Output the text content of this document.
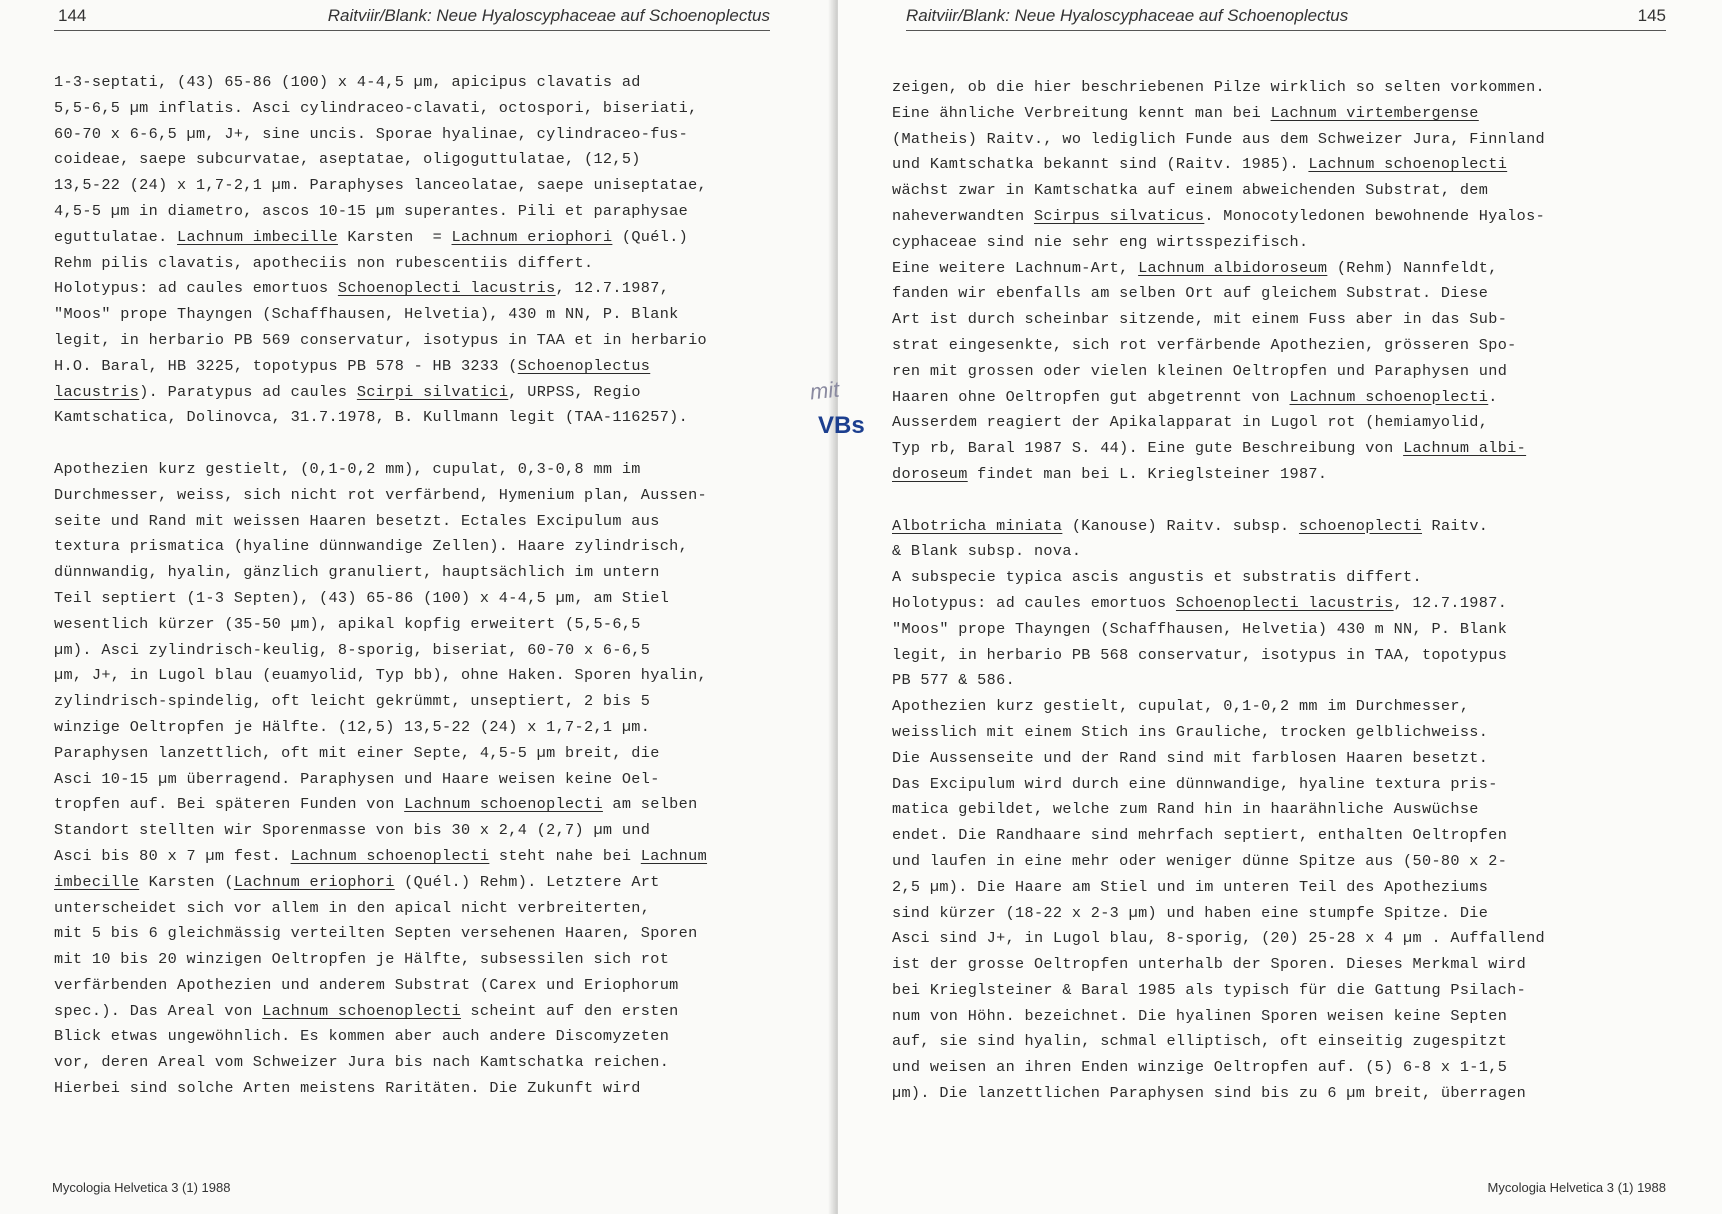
144	Raitviir/Blank: Neue Hyaloscyphaceae auf Schoenoplectus
1-3-septati, (43) 65-86 (100) x 4-4,5 µm, apicipus clavatis ad
5,5-6,5 µm inflatis. Asci cylindraceo-clavati, octospori, biseriati,
60-70 x 6-6,5 µm, J+, sine uncis. Sporae hyalinae, cylindraceo-fus-
coideae, saepe subcurvatae, aseptatae, oligoguttulatae, (12,5)
13,5-22 (24) x 1,7-2,1 µm. Paraphyses lanceolatae, saepe uniseptatae,
4,5-5 µm in diametro, ascos 10-15 µm superantes. Pili et paraphysae
eguttulatae. Lachnum imbecille Karsten  = Lachnum eriophori (Quél.)
Rehm pilis clavatis, apotheciis non rubescentiis differt.
Holotypus: ad caules emortuos Schoenoplecti lacustris, 12.7.1987,
"Moos" prope Thayngen (Schaffhausen, Helvetia), 430 m NN, P. Blank
legit, in herbario PB 569 conservatur, isotypus in TAA et in herbario
H.O. Baral, HB 3225, topotypus PB 578 - HB 3233 (Schoenoplectus
lacustris). Paratypus ad caules Scirpi silvatici, URPSS, Regio
Kamtschatica, Dolinovca, 31.7.1978, B. Kullmann legit (TAA-116257).
Apothezien kurz gestielt, (0,1-0,2 mm), cupulat, 0,3-0,8 mm im
Durchmesser, weiss, sich nicht rot verfärbend, Hymenium plan, Aussen-
seite und Rand mit weissen Haaren besetzt. Ectales Excipulum aus
textura prismatica (hyaline dünnwandige Zellen). Haare zylindrisch,
dünnwandig, hyalin, gänzlich granuliert, hauptsächlich im untern
Teil septiert (1-3 Septen), (43) 65-86 (100) x 4-4,5 µm, am Stiel
wesentlich kürzer (35-50 µm), apikal kopfig erweitert (5,5-6,5
µm). Asci zylindrisch-keulig, 8-sporig, biseriat, 60-70 x 6-6,5
µm, J+, in Lugol blau (euamyolid, Typ bb), ohne Haken. Sporen hyalin,
zylindrisch-spindelig, oft leicht gekrümmt, unseptiert, 2 bis 5
winzige Oeltropfen je Hälfte. (12,5) 13,5-22 (24) x 1,7-2,1 µm.
Paraphysen lanzettlich, oft mit einer Septe, 4,5-5 µm breit, die
Asci 10-15 µm überragend. Paraphysen und Haare weisen keine Oel-
tropfen auf. Bei späteren Funden von Lachnum schoenoplecti am selben
Standort stellten wir Sporenmasse von bis 30 x 2,4 (2,7) µm und
Asci bis 80 x 7 µm fest. Lachnum schoenoplecti steht nahe bei Lachnum
imbecille Karsten (Lachnum eriophori (Quél.) Rehm). Letztere Art
unterscheidet sich vor allem in den apical nicht verbreiterten,
mit 5 bis 6 gleichmässig verteilten Septen versehenen Haaren, Sporen
mit 10 bis 20 winzigen Oeltropfen je Hälfte, subsessilen sich rot
verfärbenden Apothezien und anderem Substrat (Carex und Eriophorum
spec.). Das Areal von Lachnum schoenoplecti scheint auf den ersten
Blick etwas ungewöhnlich. Es kommen aber auch andere Discomyzeten
vor, deren Areal vom Schweizer Jura bis nach Kamtschatka reichen.
Hierbei sind solche Arten meistens Raritäten. Die Zukunft wird
Mycologia Helvetica 3 (1) 1988
Raitviir/Blank: Neue Hyaloscyphaceae auf Schoenoplectus	145
zeigen, ob die hier beschriebenen Pilze wirklich so selten vorkommen.
Eine ähnliche Verbreitung kennt man bei Lachnum virtembergense
(Matheis) Raitv., wo lediglich Funde aus dem Schweizer Jura, Finnland
und Kamtschatka bekannt sind (Raitv. 1985). Lachnum schoenoplecti
wächst zwar in Kamtschatka auf einem abweichenden Substrat, dem
naheverwandten Scirpus silvaticus. Monocotyledonen bewohnende Hyalos-
cyphaceae sind nie sehr eng wirtsspezifisch.
Eine weitere Lachnum-Art, Lachnum albidoroseum (Rehm) Nannfeldt,
fanden wir ebenfalls am selben Ort auf gleichem Substrat. Diese
Art ist durch scheinbar sitzende, mit einem Fuss aber in das Sub-
strat eingesenkte, sich rot verfärbende Apothezien, grösseren Spo-
ren mit grossen oder vielen kleinen Oeltropfen und Paraphysen und
Haaren ohne Oeltropfen gut abgetrennt von Lachnum schoenoplecti.
Ausserdem reagiert der Apikalapparat in Lugol rot (hemiamyolid,
Typ rb, Baral 1987 S. 44). Eine gute Beschreibung von Lachnum albi-
doroseum findet man bei L. Krieglsteiner 1987.
Albotricha miniata (Kanouse) Raitv. subsp. schoenoplecti Raitv.
& Blank subsp. nova.
A subspecie typica ascis angustis et substratis differt.
Holotypus: ad caules emortuos Schoenoplecti lacustris, 12.7.1987.
"Moos" prope Thayngen (Schaffhausen, Helvetia) 430 m NN, P. Blank
legit, in herbario PB 568 conservatur, isotypus in TAA, topotypus
PB 577 & 586.
Apothezien kurz gestielt, cupulat, 0,1-0,2 mm im Durchmesser,
weisslich mit einem Stich ins Grauliche, trocken gelblichweiss.
Die Aussenseite und der Rand sind mit farblosen Haaren besetzt.
Das Excipulum wird durch eine dünnwandige, hyaline textura pris-
matica gebildet, welche zum Rand hin in haarähnliche Auswüchse
endet. Die Randhaare sind mehrfach septiert, enthalten Oeltropfen
und laufen in eine mehr oder weniger dünne Spitze aus (50-80 x 2-
2,5 µm). Die Haare am Stiel und im unteren Teil des Apotheziums
sind kürzer (18-22 x 2-3 µm) und haben eine stumpfe Spitze. Die
Asci sind J+, in Lugol blau, 8-sporig, (20) 25-28 x 4 µm . Auffallend
ist der grosse Oeltropfen unterhalb der Sporen. Dieses Merkmal wird
bei Krieglsteiner & Baral 1985 als typisch für die Gattung Psilach-
num von Höhn. bezeichnet. Die hyalinen Sporen weisen keine Septen
auf, sie sind hyalin, schmal elliptisch, oft einseitig zugespitzt
und weisen an ihren Enden winzige Oeltropfen auf. (5) 6-8 x 1-1,5
µm). Die lanzettlichen Paraphysen sind bis zu 6 µm breit, überragen
Mycologia Helvetica 3 (1) 1988
mit
VBs
